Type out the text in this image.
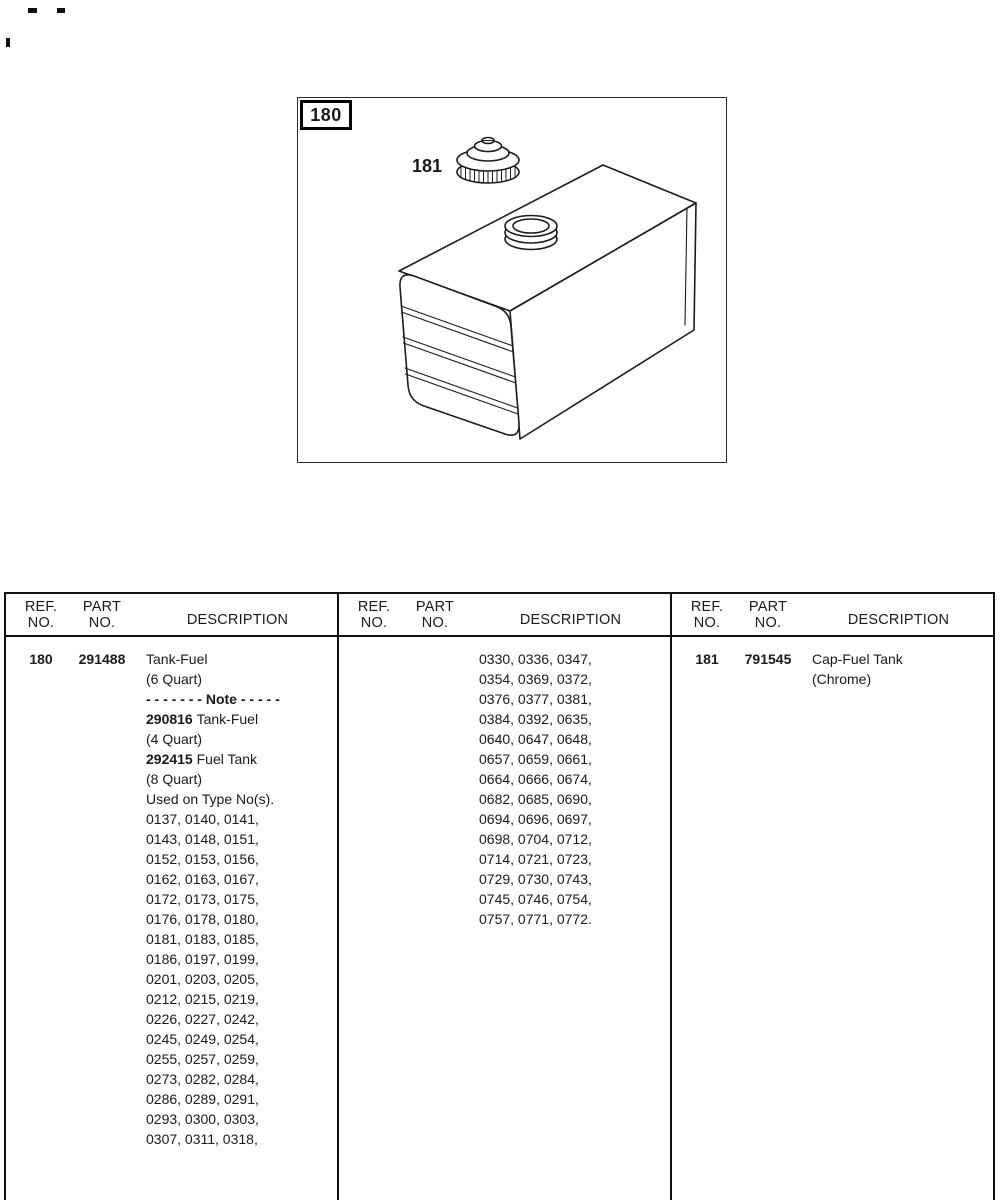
180
181
REF.
NO.
PART
NO.	DESCRIPTION
180	291488	Tank-Fuel
(6 Quart)
- - - - - - - Note - - - - -
290816 Tank-Fuel
(4 Quart)
292415 Fuel Tank
(8 Quart)
Used on Type No(s).
0137, 0140, 0141,
0143, 0148, 0151,
0152, 0153, 0156,
0162, 0163, 0167,
0172, 0173, 0175,
0176, 0178, 0180,
0181, 0183, 0185,
0186, 0197, 0199,
0201, 0203, 0205,
0212, 0215, 0219,
0226, 0227, 0242,
0245, 0249, 0254,
0255, 0257, 0259,
0273, 0282, 0284,
0286, 0289, 0291,
0293, 0300, 0303,
0307, 0311, 0318,
REF.
NO.
PART
NO.	DESCRIPTION
0330, 0336, 0347,
0354, 0369, 0372,
0376, 0377, 0381,
0384, 0392, 0635,
0640, 0647, 0648,
0657, 0659, 0661,
0664, 0666, 0674,
0682, 0685, 0690,
0694, 0696, 0697,
0698, 0704, 0712,
0714, 0721, 0723,
0729, 0730, 0743,
0745, 0746, 0754,
0757, 0771, 0772.
REF.
NO.
PART
NO.	DESCRIPTION
181	791545	Cap-Fuel Tank
(Chrome)
